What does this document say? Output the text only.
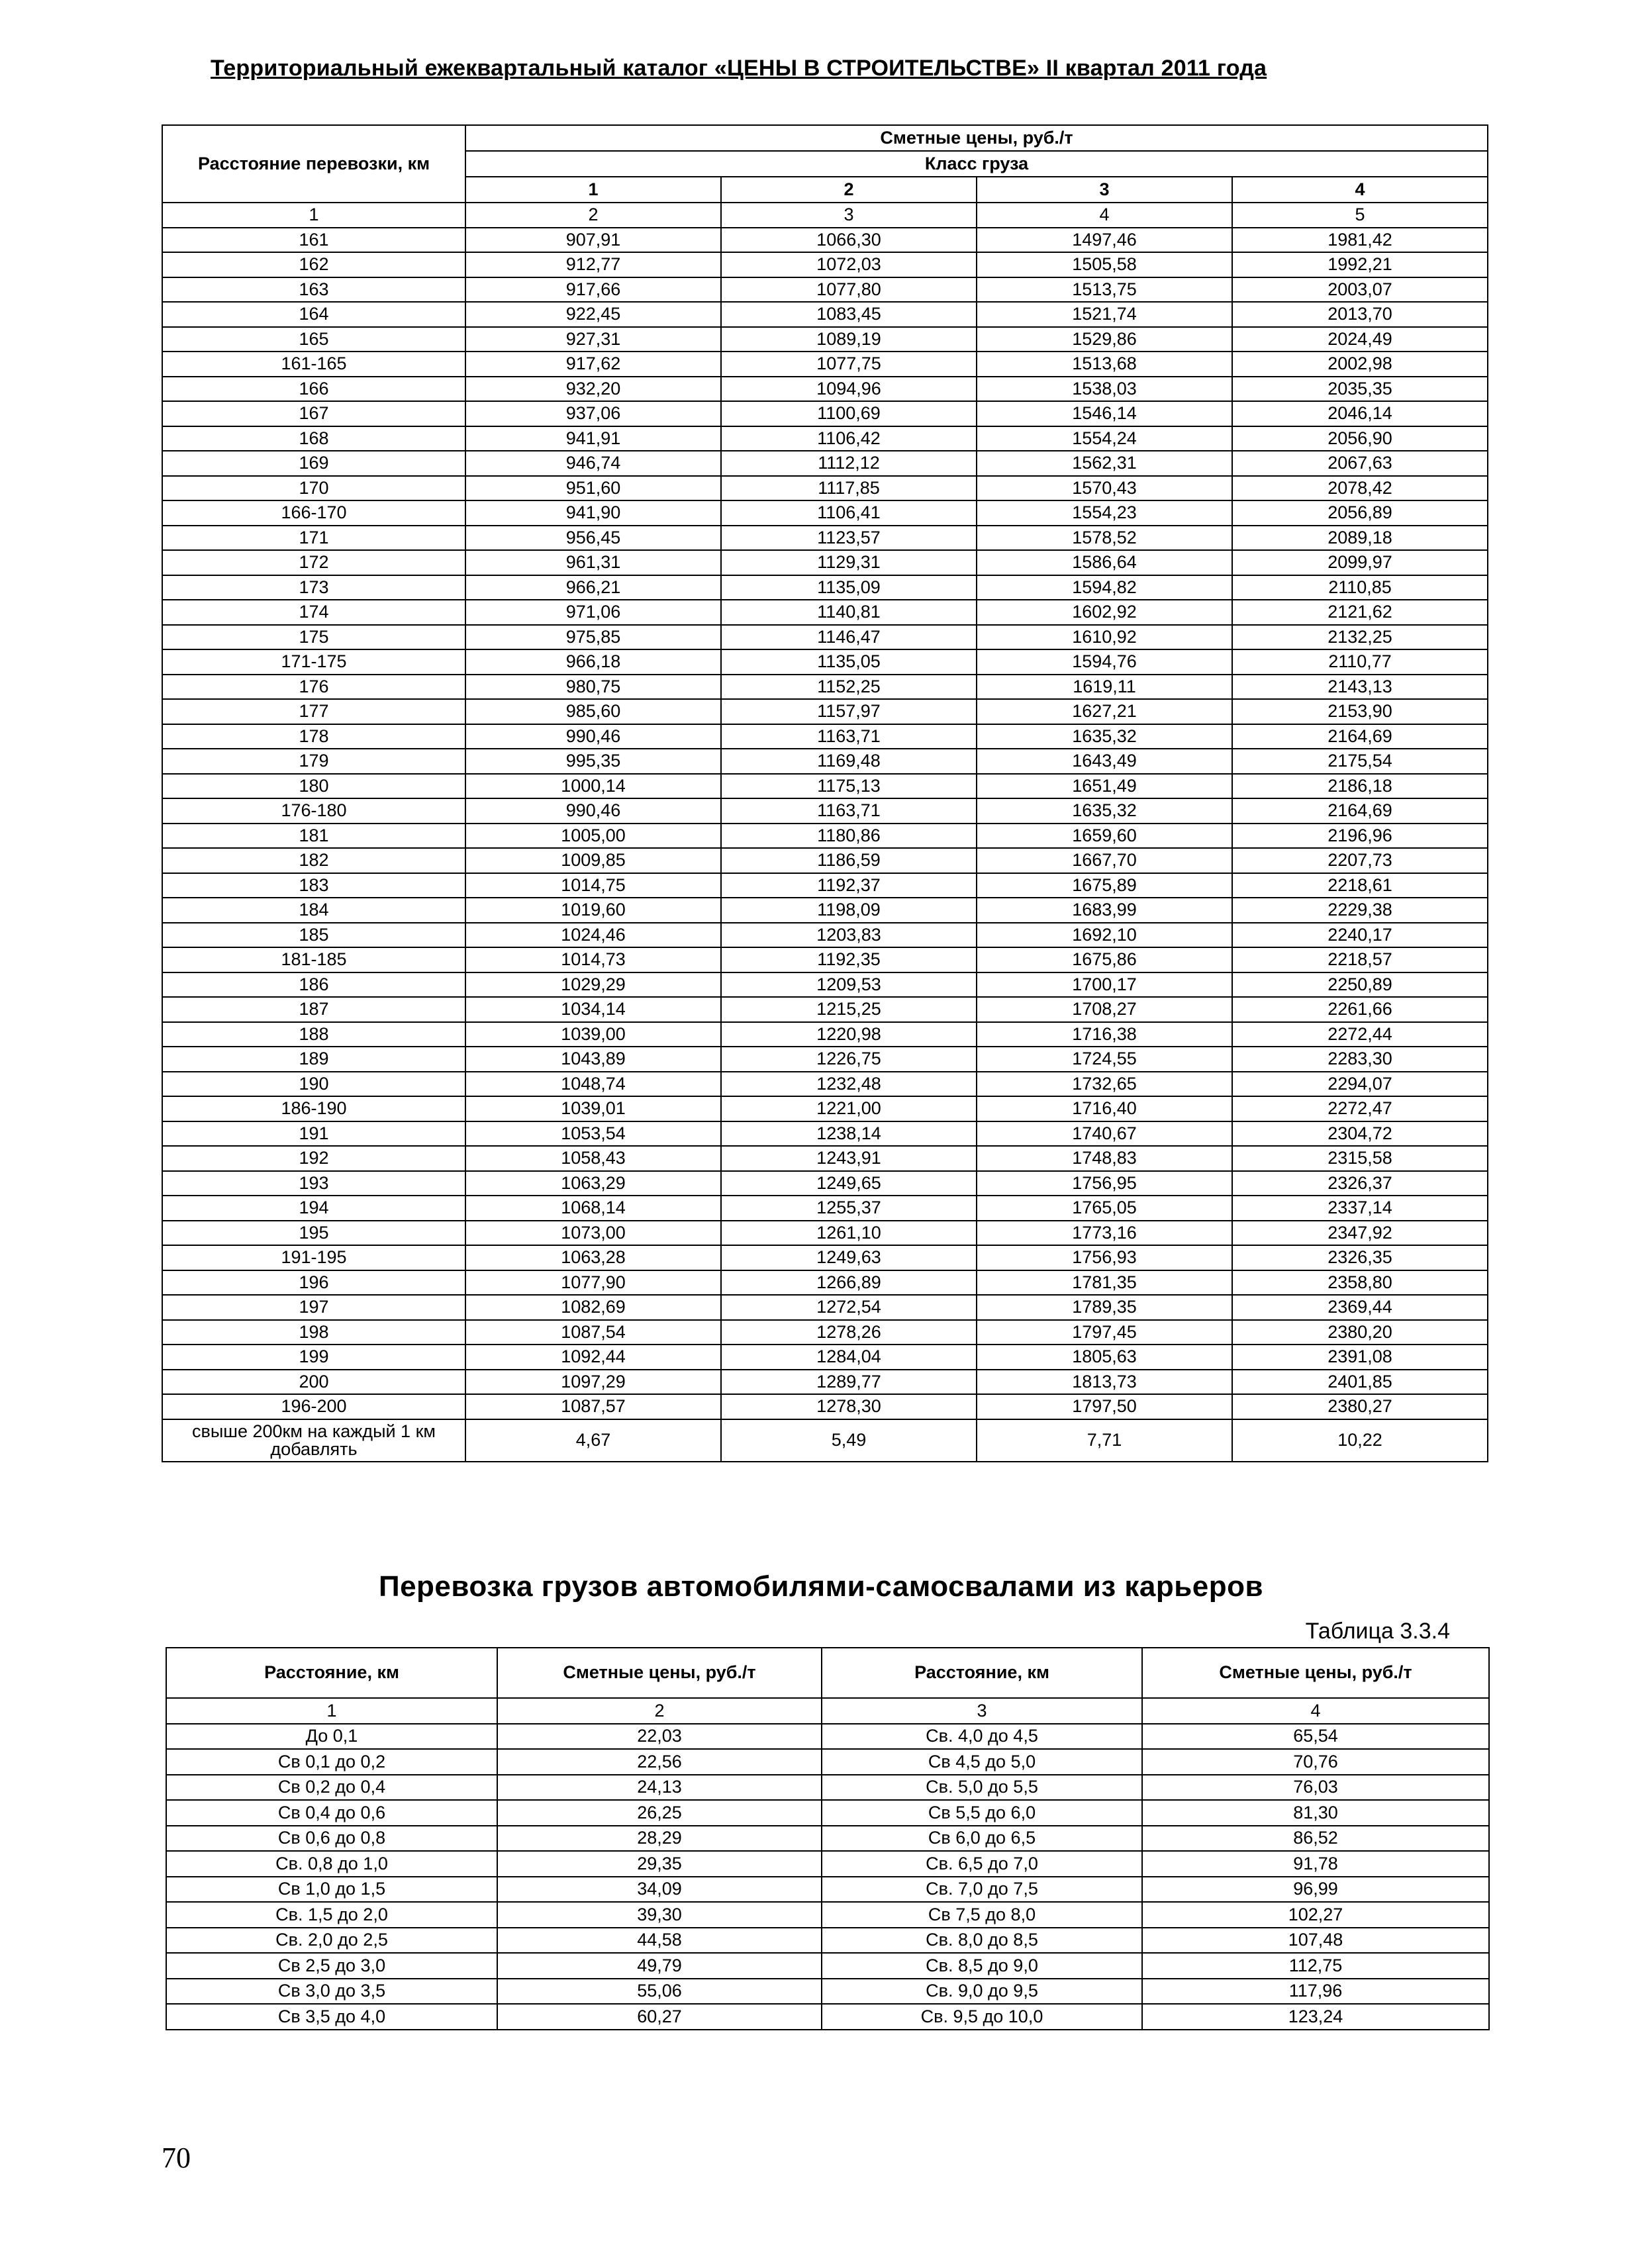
Территориальный ежеквартальный каталог «ЦЕНЫ В СТРОИТЕЛЬСТВЕ» II квартал 2011 года
Расстояние перевозки, км	Сметные цены, руб./т			
	Класс груза			
	1	2	3	4
1	2	3	4	5
161	907,91	1066,30	1497,46	1981,42
162	912,77	1072,03	1505,58	1992,21
163	917,66	1077,80	1513,75	2003,07
164	922,45	1083,45	1521,74	2013,70
165	927,31	1089,19	1529,86	2024,49
161-165	917,62	1077,75	1513,68	2002,98
166	932,20	1094,96	1538,03	2035,35
167	937,06	1100,69	1546,14	2046,14
168	941,91	1106,42	1554,24	2056,90
169	946,74	1112,12	1562,31	2067,63
170	951,60	1117,85	1570,43	2078,42
166-170	941,90	1106,41	1554,23	2056,89
171	956,45	1123,57	1578,52	2089,18
172	961,31	1129,31	1586,64	2099,97
173	966,21	1135,09	1594,82	2110,85
174	971,06	1140,81	1602,92	2121,62
175	975,85	1146,47	1610,92	2132,25
171-175	966,18	1135,05	1594,76	2110,77
176	980,75	1152,25	1619,11	2143,13
177	985,60	1157,97	1627,21	2153,90
178	990,46	1163,71	1635,32	2164,69
179	995,35	1169,48	1643,49	2175,54
180	1000,14	1175,13	1651,49	2186,18
176-180	990,46	1163,71	1635,32	2164,69
181	1005,00	1180,86	1659,60	2196,96
182	1009,85	1186,59	1667,70	2207,73
183	1014,75	1192,37	1675,89	2218,61
184	1019,60	1198,09	1683,99	2229,38
185	1024,46	1203,83	1692,10	2240,17
181-185	1014,73	1192,35	1675,86	2218,57
186	1029,29	1209,53	1700,17	2250,89
187	1034,14	1215,25	1708,27	2261,66
188	1039,00	1220,98	1716,38	2272,44
189	1043,89	1226,75	1724,55	2283,30
190	1048,74	1232,48	1732,65	2294,07
186-190	1039,01	1221,00	1716,40	2272,47
191	1053,54	1238,14	1740,67	2304,72
192	1058,43	1243,91	1748,83	2315,58
193	1063,29	1249,65	1756,95	2326,37
194	1068,14	1255,37	1765,05	2337,14
195	1073,00	1261,10	1773,16	2347,92
191-195	1063,28	1249,63	1756,93	2326,35
196	1077,90	1266,89	1781,35	2358,80
197	1082,69	1272,54	1789,35	2369,44
198	1087,54	1278,26	1797,45	2380,20
199	1092,44	1284,04	1805,63	2391,08
200	1097,29	1289,77	1813,73	2401,85
196-200	1087,57	1278,30	1797,50	2380,27
свыше 200км на каждый 1 км добавлять	4,67	5,49	7,71	10,22
Перевозка грузов автомобилями-самосвалами из карьеров
Таблица 3.3.4
Расстояние, км	Сметные цены, руб./т	Расстояние, км	Сметные цены, руб./т
1	2	3	4
До 0,1	22,03	Св. 4,0 до 4,5	65,54
Св 0,1 до 0,2	22,56	Св 4,5 до 5,0	70,76
Св 0,2 до 0,4	24,13	Св. 5,0 до 5,5	76,03
Св 0,4 до 0,6	26,25	Св 5,5 до 6,0	81,30
Св 0,6 до 0,8	28,29	Св 6,0 до 6,5	86,52
Св. 0,8 до 1,0	29,35	Св. 6,5 до 7,0	91,78
Св 1,0 до 1,5	34,09	Св. 7,0 до 7,5	96,99
Св. 1,5 до 2,0	39,30	Св 7,5 до 8,0	102,27
Св. 2,0 до 2,5	44,58	Св. 8,0 до 8,5	107,48
Св 2,5 до 3,0	49,79	Св. 8,5 до 9,0	112,75
Св 3,0 до 3,5	55,06	Св. 9,0 до 9,5	117,96
Св 3,5 до 4,0	60,27	Св. 9,5 до 10,0	123,24
70
